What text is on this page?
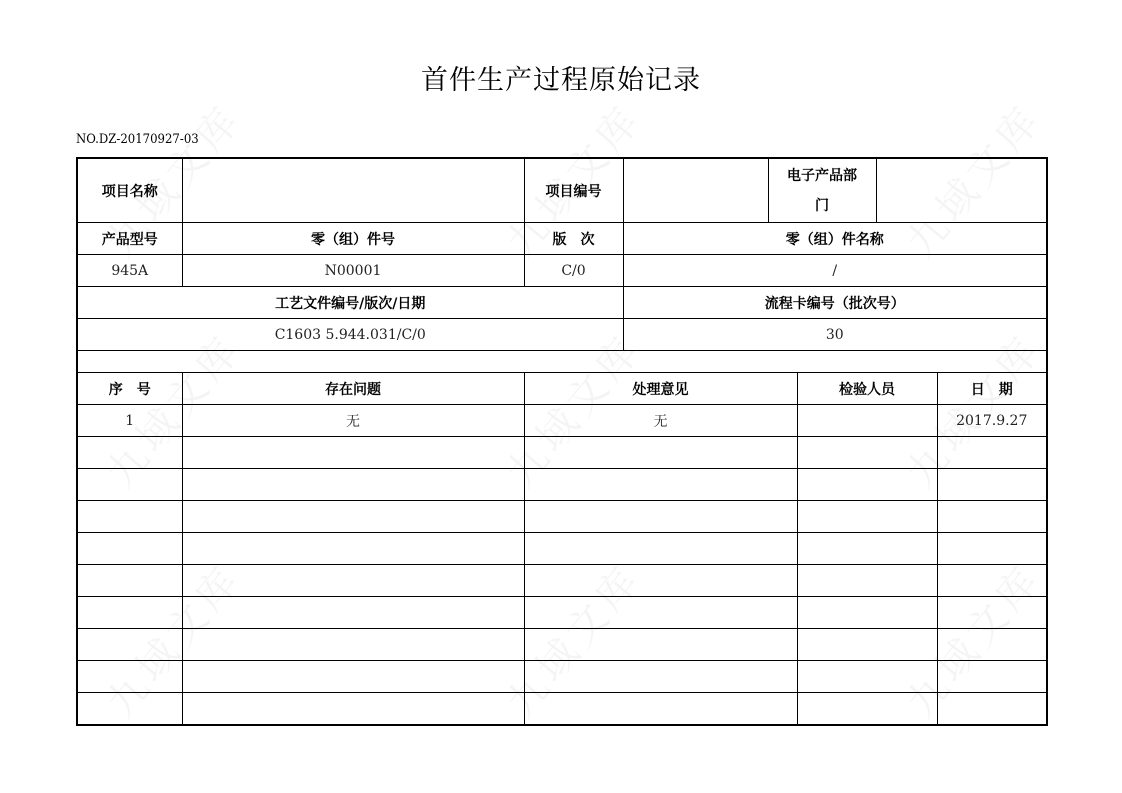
首件生产过程原始记录
NO.DZ-20170927-03
项目名称		项目编号		电子产品部门			
产品型号	零（组）件号	版　次	零（组）件名称				
945A	N00001	C/0	/				
工艺文件编号/版次/日期			流程卡编号（批次号）				
C1603 5.944.031/C/0			30				

序　号	存在问题	处理意见			检验人员		日　期
1	无	无					2017.9.27
